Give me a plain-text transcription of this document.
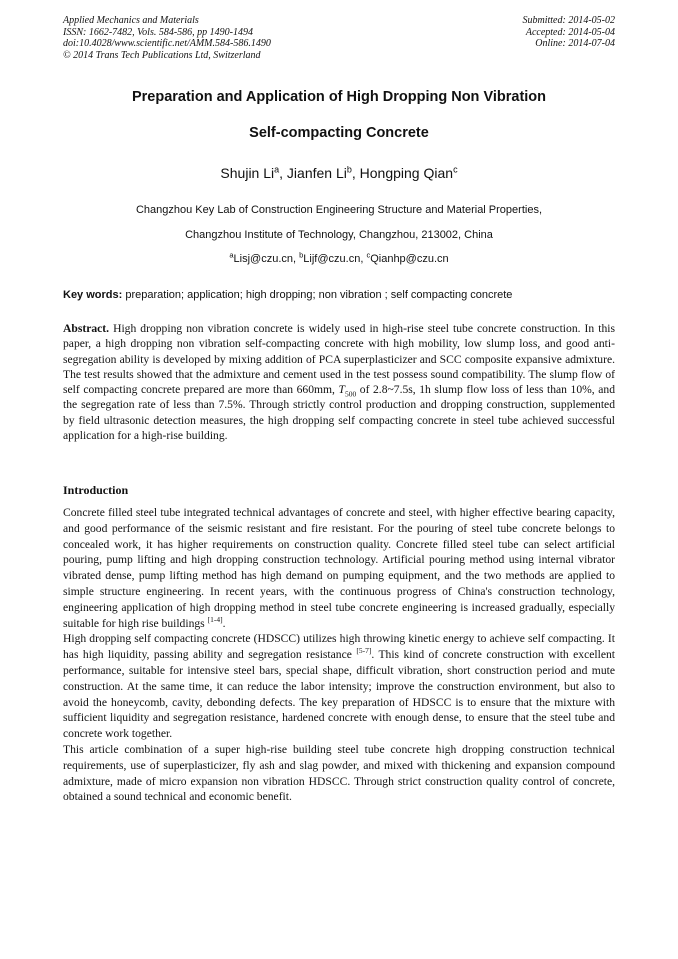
Applied Mechanics and Materials
ISSN: 1662-7482, Vols. 584-586, pp 1490-1494
doi:10.4028/www.scientific.net/AMM.584-586.1490
© 2014 Trans Tech Publications Ltd, Switzerland
Submitted: 2014-05-02
Accepted: 2014-05-04
Online: 2014-07-04
Preparation and Application of High Dropping Non Vibration
Self-compacting Concrete
Shujin Li$^a$, Jianfen Li$^b$, Hongping Qian$^c$
Changzhou Key Lab of Construction Engineering Structure and Material Properties,
Changzhou Institute of Technology, Changzhou, 213002, China
$^a$Lisj@czu.cn, $^b$Lijf@czu.cn, $^c$Qianhp@czu.cn
Key words: preparation; application; high dropping; non vibration ; self compacting concrete
Abstract. High dropping non vibration concrete is widely used in high-rise steel tube concrete construction. In this paper, a high dropping non vibration self-compacting concrete with high mobility, low slump loss, and good anti-segregation ability is developed by mixing addition of PCA superplasticizer and SCC composite expansive admixture. The test results showed that the admixture and cement used in the test possess sound compatibility. The slump flow of self compacting concrete prepared are more than 660mm, $T_{500}$ of 2.8~7.5s, 1h slump flow loss of less than 10%, and the segregation rate of less than 7.5%. Through strictly control production and dropping construction, supplemented by field ultrasonic detection measures, the high dropping self compacting concrete in steel tube achieved successful application for a high-rise building.
Introduction

Concrete filled steel tube integrated technical advantages of concrete and steel, with higher effective bearing capacity, and good performance of the seismic resistant and fire resistant. For the pouring of steel tube concrete belongs to concealed work, it has higher requirements on construction quality. Concrete filled steel tube can select artificial pouring, pump lifting and high dropping construction technology. Artificial pouring method using internal vibrator vibrated dense, pump lifting method has high demand on pumping equipment, and the two methods are applied to simple structure engineering. In recent years, with the continuous progress of China's construction technology, engineering application of high dropping method in steel tube concrete engineering is increased gradually, especially suitable for high rise buildings [1-4].

High dropping self compacting concrete (HDSCC) utilizes high throwing kinetic energy to achieve self compacting. It has high liquidity, passing ability and segregation resistance [5-7]. This kind of concrete construction with excellent performance, suitable for intensive steel bars, special shape, difficult vibration, short construction period and mute construction. At the same time, it can reduce the labor intensity; improve the construction environment, but also to avoid the honeycomb, cavity, debonding defects. The key preparation of HDSCC is to ensure that the mixture with sufficient liquidity and segregation resistance, hardened concrete with enough dense, to ensure that the steel tube and concrete work together.

This article combination of a super high-rise building steel tube concrete high dropping construction technical requirements, use of superplasticizer, fly ash and slag powder, and mixed with thickening and expansion compound admixture, made of micro expansion non vibration HDSCC. Through strict construction quality control of concrete, obtained a sound technical and economic benefit.
